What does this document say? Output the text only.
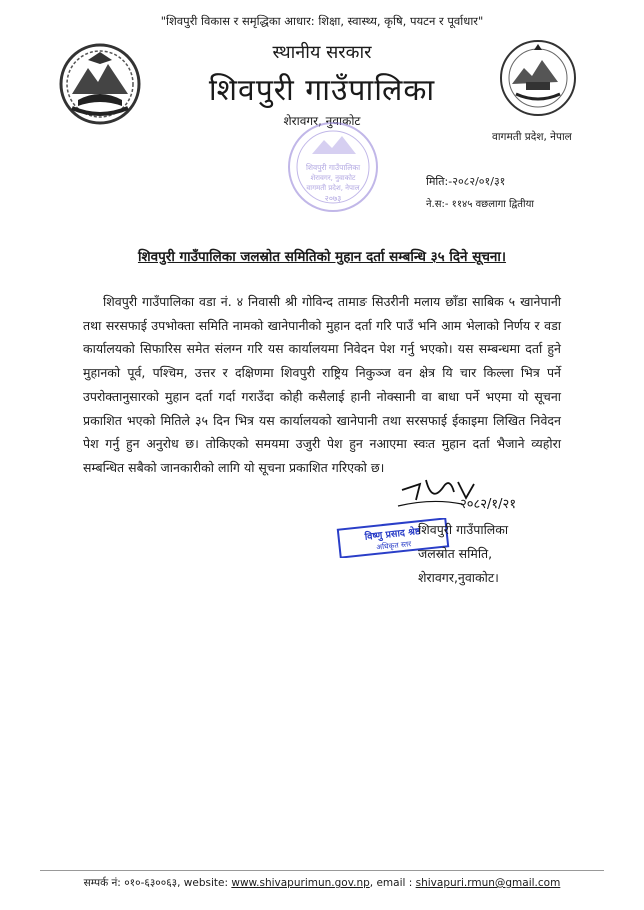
"शिवपुरी विकास र समृद्धिका आधार: शिक्षा, स्वास्थ्य, कृषि, पयटन र पूर्वाधार"
स्थानीय सरकार
शिवपुरी गाउँपालिका
शेरावगर, नुवाकोट
वागमती प्रदेश, नेपाल
शिवपुरी गाउँपालिका
शेरावगर, नुवाकोट
वागमती प्रदेश, नेपाल
२०७३
मिति:-२०८२/०१/३१
ने.स:- ११४५ वछलागा द्वितीया
शिवपुरी गाउँपालिका जलस्रोत समितिको मुहान दर्ता सम्बन्धि ३५ दिने सूचना।
शिवपुरी गाउँपालिका वडा नं. ४ निवासी श्री गोविन्द तामाङ सिउरीनी मलाय छाँडा साबिक ५ खानेपानी तथा सरसफाई उपभोक्ता समिति नामको खानेपानीको मुहान दर्ता गरि पाउँ भनि आम भेलाको निर्णय र वडा कार्यालयको सिफारिस समेत संलग्न गरि यस कार्यालयमा निवेदन पेश गर्नु भएको। यस सम्बन्धमा दर्ता हुने मुहानको पूर्व, पश्चिम, उत्तर र दक्षिणमा शिवपुरी राष्ट्रिय निकुञ्ज वन क्षेत्र यि चार किल्ला भित्र पर्ने उपरोक्तानुसारको मुहान दर्ता गर्दा गराउँदा कोही कसैलाई हानी नोक्सानी वा बाधा पर्ने भएमा यो सूचना प्रकाशित भएको मितिले ३५ दिन भित्र यस कार्यालयको खानेपानी तथा सरसफाई ईकाइमा लिखित निवेदन पेश गर्नु हुन अनुरोध छ। तोकिएको समयमा उजुरी पेश हुन नआएमा स्वःत मुहान दर्ता भैजाने व्यहोरा सम्बन्धित सबैको जानकारीको लागि यो सूचना प्रकाशित गरिएको छ।
२०८२/१/२१
विष्णु प्रसाद श्रेष्ठ
अधिकृत स्तर
शिवपुरी गाउँपालिका
जलस्रोत समिति,
शेरावगर,नुवाकोट।
सम्पर्क नं: ०१०-६३००६३, website: www.shivapurimun.gov.np, email : shivapuri.rmun@gmail.com
